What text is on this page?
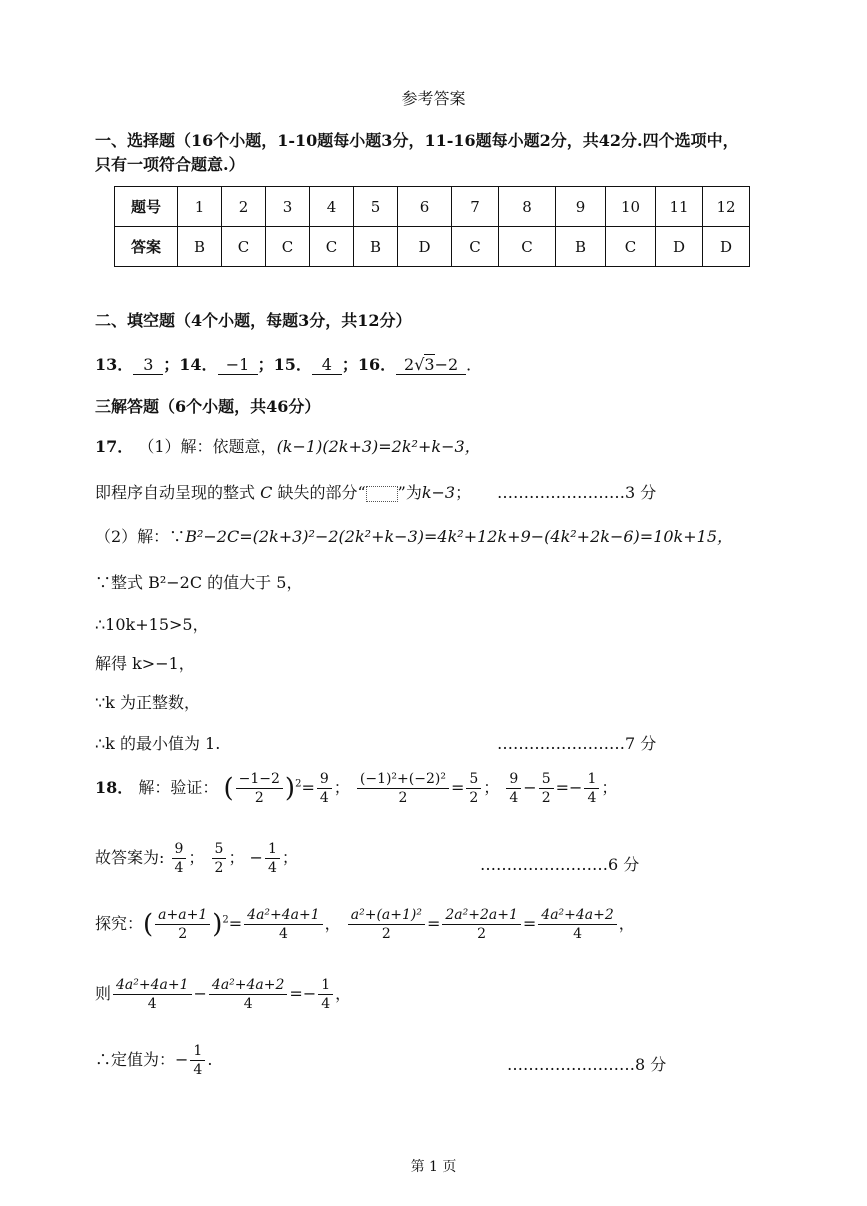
参考答案
一、选择题（16个小题，1-10题每小题3分，11-16题每小题2分，共42分.四个选项中，
只有一项符合题意.）
题号	1	2	3	4	5	6	7	8	9	10	11	12
答案	B	C	C	C	B	D	C	C	B	C	D	D
二、填空题（4个小题，每题3分，共12分）
13． 3 ；14． −1 ；15． 4 ；16． 2√3−2 ．
三解答题（6个小题，共46分）
17． （1）解：依题意，(k−1)(2k+3)=2k²+k−3，
即程序自动呈现的整式 C 缺失的部分“ ”为k−3； ……………………3 分
（2）解：∵B²−2C=(2k+3)²−2(2k²+k−3)=4k²+12k+9−(4k²+2k−6)=10k+15，
∵整式 B²−2C 的值大于 5，
∴10k+15>5，
解得 k>−1，
∵k 为正整数，
∴k 的最小值为 1.	……………………7 分
18． 解：验证： ( $\frac{-1-2}{2} )^2= \frac{9}{4}$ ； $\frac{\text{(−1)²+(−2)²}}{2} = \frac{5}{2}$ ； $\frac{9}{4} - \frac{5}{2} =- \frac{1}{4}$ ；
故答案为: $\frac{9}{4}$ ； $\frac{5}{2}$ ； − $\frac{1}{4}$ ；	……………………6 分
探究：( $\frac{a+a+1}{2} )^2= \frac{\text{4a²+4a+1}}{4}$ ， $\frac{\text{a²+(a+1)²}}{2} = \frac{\text{2a²+2a+1}}{2} = \frac{\text{4a²+4a+2}}{4}$ ，
则 $\frac{\text{4a²+4a+1}}{4} - \frac{\text{4a²+4a+2}}{4} =- \frac{1}{4}$ ，
∴定值为：− $\frac{1}{4}$ .	……………………8 分
第 1 页
